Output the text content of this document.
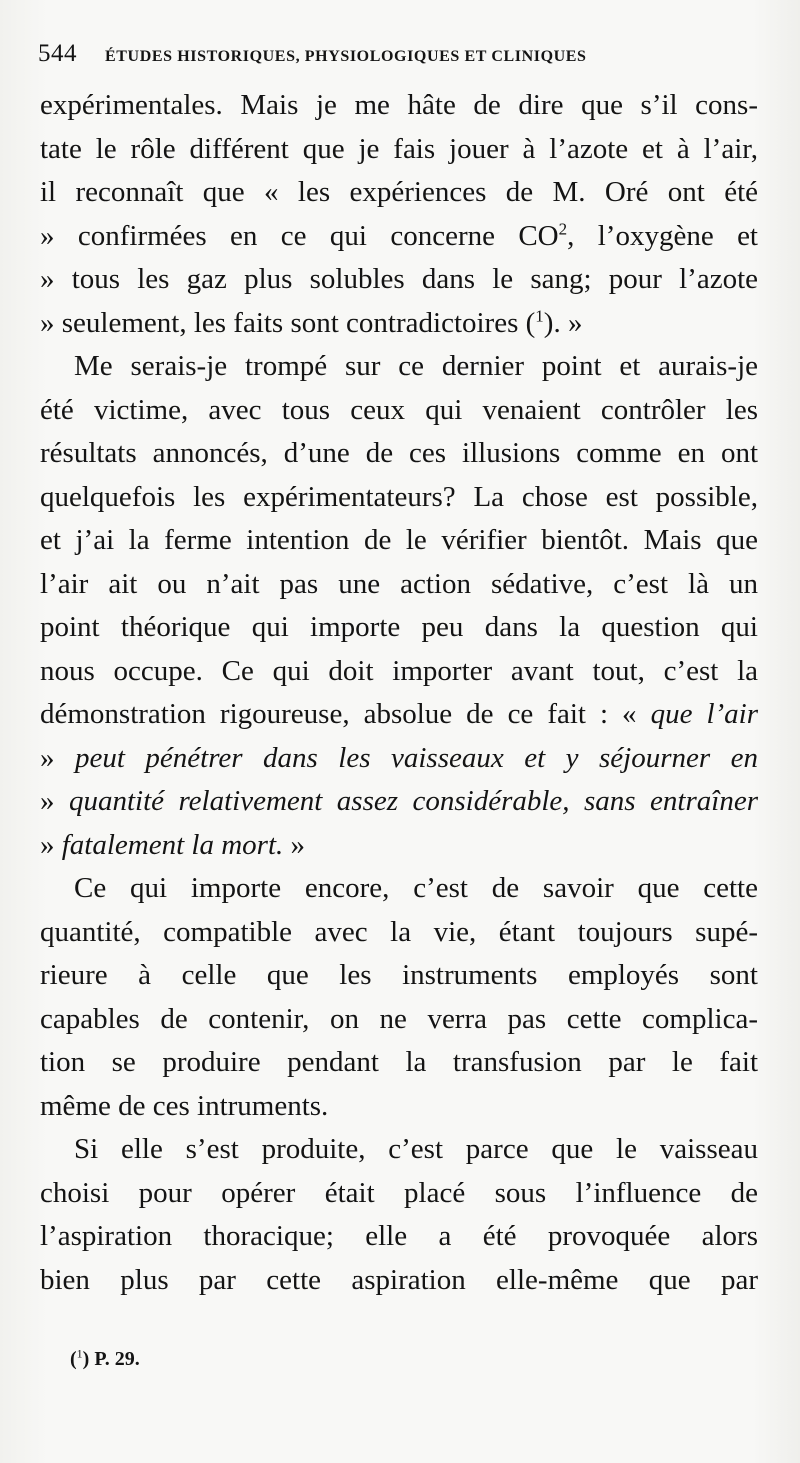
544 ÉTUDES HISTORIQUES, PHYSIOLOGIQUES ET CLINIQUES
expérimentales. Mais je me hâte de dire que s’il cons-
tate le rôle différent que je fais jouer à l’azote et à l’air,
il reconnaît que « les expériences de M. Oré ont été
» confirmées en ce qui concerne $CO^2$, l’oxygène et
» tous les gaz plus solubles dans le sang; pour l’azote
» seulement, les faits sont contradictoires ($^1$). »
Me serais-je trompé sur ce dernier point et aurais-je
été victime, avec tous ceux qui venaient contrôler les
résultats annoncés, d’une de ces illusions comme en ont
quelquefois les expérimentateurs? La chose est possible,
et j’ai la ferme intention de le vérifier bientôt. Mais que
l’air ait ou n’ait pas une action sédative, c’est là un
point théorique qui importe peu dans la question qui
nous occupe. Ce qui doit importer avant tout, c’est la
démonstration rigoureuse, absolue de ce fait : « que l’air
» peut pénétrer dans les vaisseaux et y séjourner en
» quantité relativement assez considérable, sans entraîner
» fatalement la mort. »
Ce qui importe encore, c’est de savoir que cette
quantité, compatible avec la vie, étant toujours supé-
rieure à celle que les instruments employés sont
capables de contenir, on ne verra pas cette complica-
tion se produire pendant la transfusion par le fait
même de ces intruments.
Si elle s’est produite, c’est parce que le vaisseau
choisi pour opérer était placé sous l’influence de
l’aspiration thoracique; elle a été provoquée alors
bien plus par cette aspiration elle-même que par
($^1$) P. 29.
